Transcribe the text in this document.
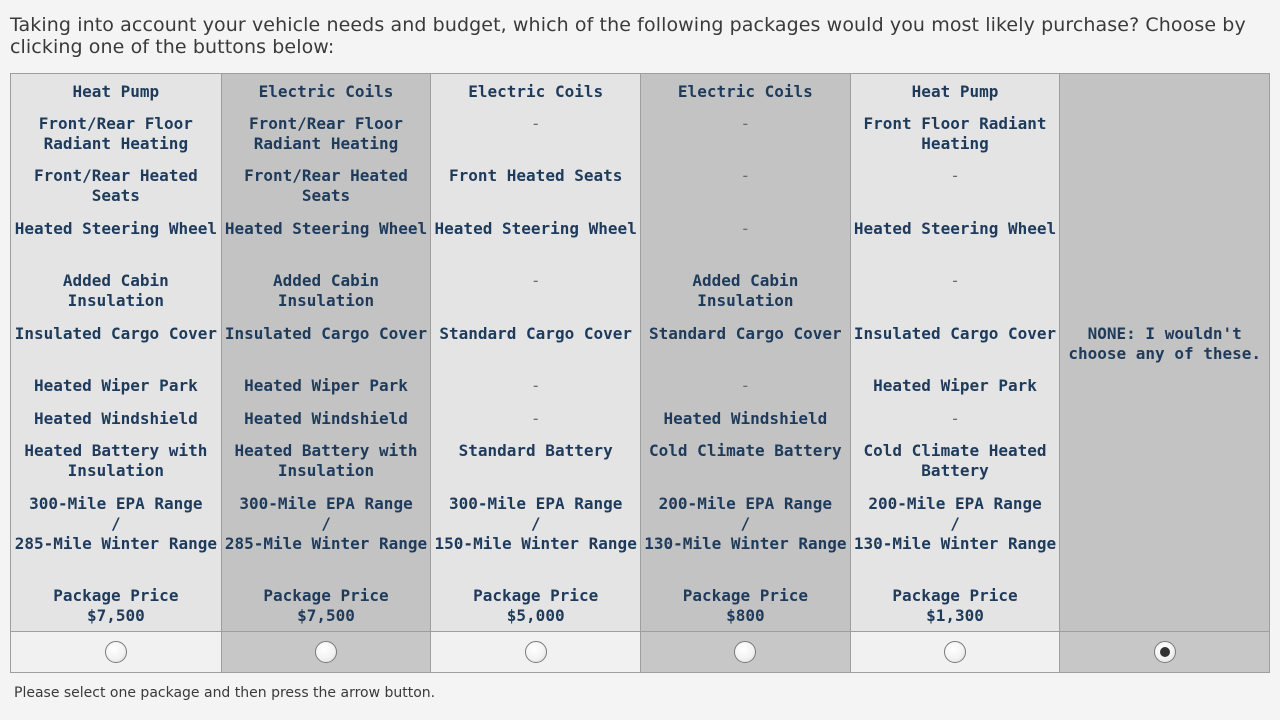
Taking into account your vehicle needs and budget, which of the following packages would you most likely purchase? Choose by clicking one of the buttons below:
Heat Pump
Front/Rear Floor Radiant Heating
Front/Rear Heated Seats
Heated Steering Wheel
Added Cabin Insulation
Insulated Cargo Cover
Heated Wiper Park
Heated Windshield
Heated Battery with Insulation
300-Mile EPA Range
/
285-Mile Winter Range
Package Price
$7,500
Electric Coils
Front/Rear Floor Radiant Heating
Front/Rear Heated Seats
Heated Steering Wheel
Added Cabin Insulation
Insulated Cargo Cover
Heated Wiper Park
Heated Windshield
Heated Battery with Insulation
300-Mile EPA Range
/
285-Mile Winter Range
Package Price
$7,500
Electric Coils
-
Front Heated Seats
Heated Steering Wheel
-
Standard Cargo Cover
-
-
Standard Battery
300-Mile EPA Range
/
150-Mile Winter Range
Package Price
$5,000
Electric Coils
-
-
-
Added Cabin Insulation
Standard Cargo Cover
-
Heated Windshield
Cold Climate Battery
200-Mile EPA Range
/
130-Mile Winter Range
Package Price
$800
Heat Pump
Front Floor Radiant Heating
-
Heated Steering Wheel
-
Insulated Cargo Cover
Heated Wiper Park
-
Cold Climate Heated Battery
200-Mile EPA Range
/
130-Mile Winter Range
Package Price
$1,300
NONE: I wouldn't choose any of these.
Please select one package and then press the arrow button.
